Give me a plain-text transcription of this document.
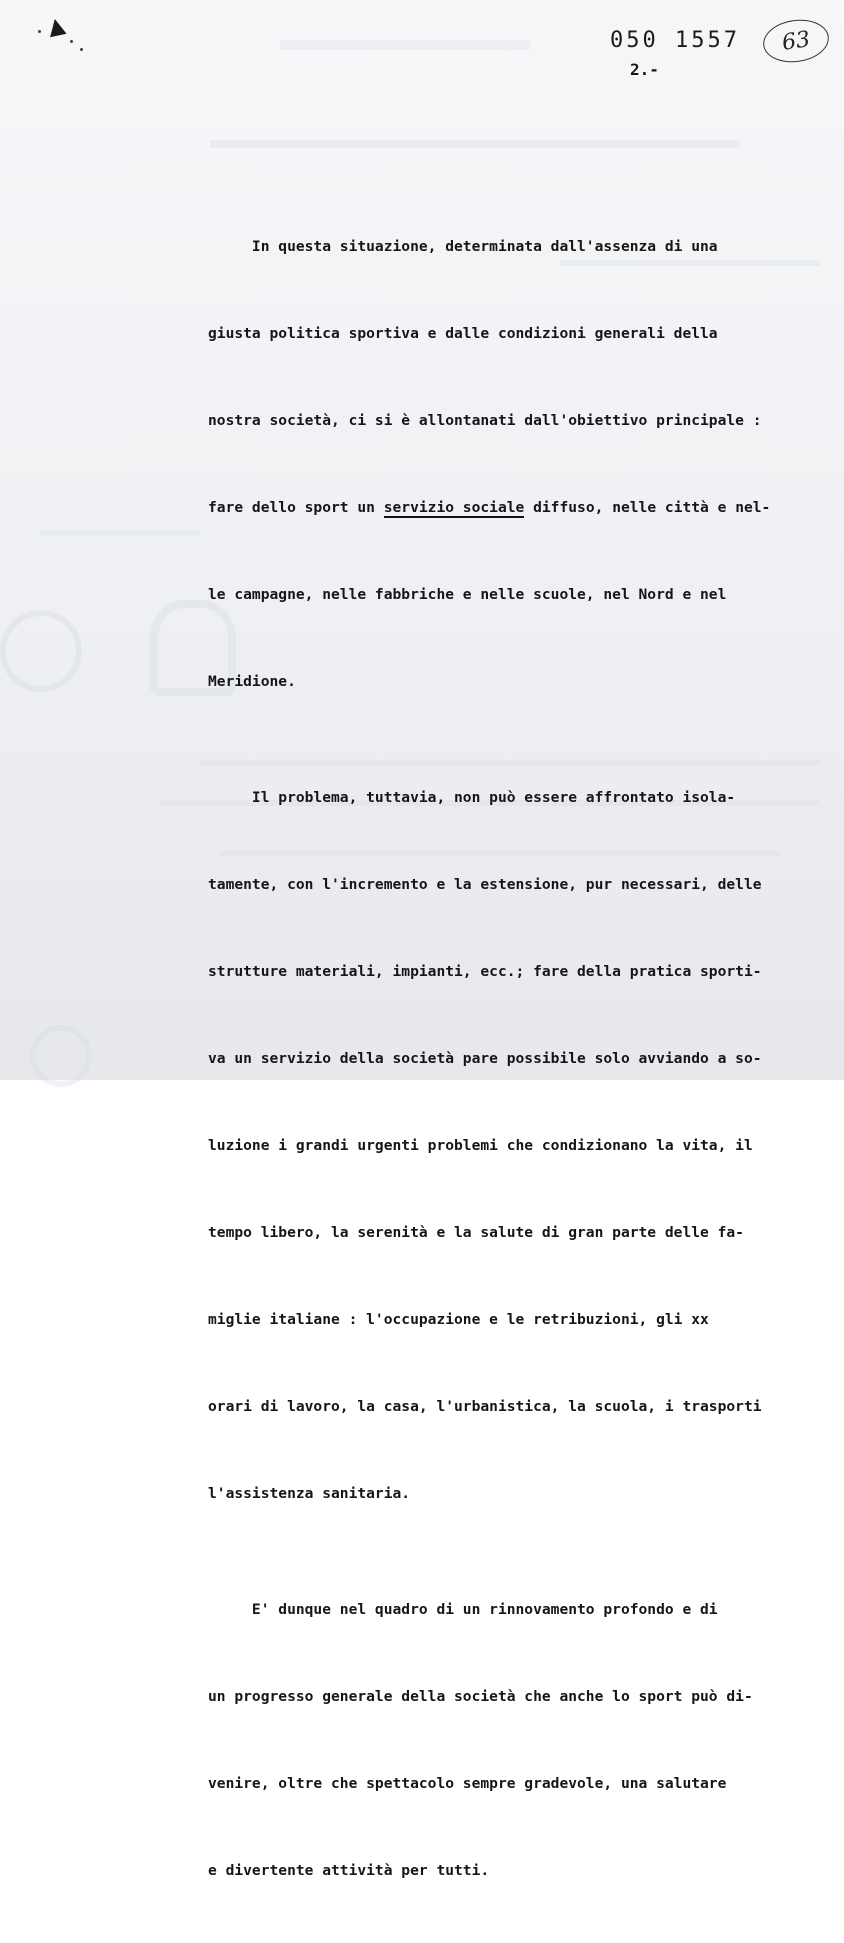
▲
050 1557 63
2.-

In questa situazione, determinata dall'assenza di una

giusta politica sportiva e dalle condizioni generali della

nostra società, ci si è allontanati dall'obiettivo principale :

fare dello sport un servizio sociale diffuso, nelle città e nel-

le campagne, nelle fabbriche e nelle scuole, nel Nord e nel

Meridione.

Il problema, tuttavia, non può essere affrontato isola-

tamente, con l'incremento e la estensione, pur necessari, delle

strutture materiali, impianti, ecc.; fare della pratica sporti-

va un servizio della società pare possibile solo avviando a so-

luzione i grandi urgenti problemi che condizionano la vita, il

tempo libero, la serenità e la salute di gran parte delle fa-

miglie italiane : l'occupazione e le retribuzioni, gli xx

orari di lavoro, la casa, l'urbanistica, la scuola, i trasporti

l'assistenza sanitaria.

E' dunque nel quadro di un rinnovamento profondo e di

un progresso generale della società che anche lo sport può di-

venire, oltre che spettacolo sempre gradevole, una salutare

e divertente attività per tutti.
